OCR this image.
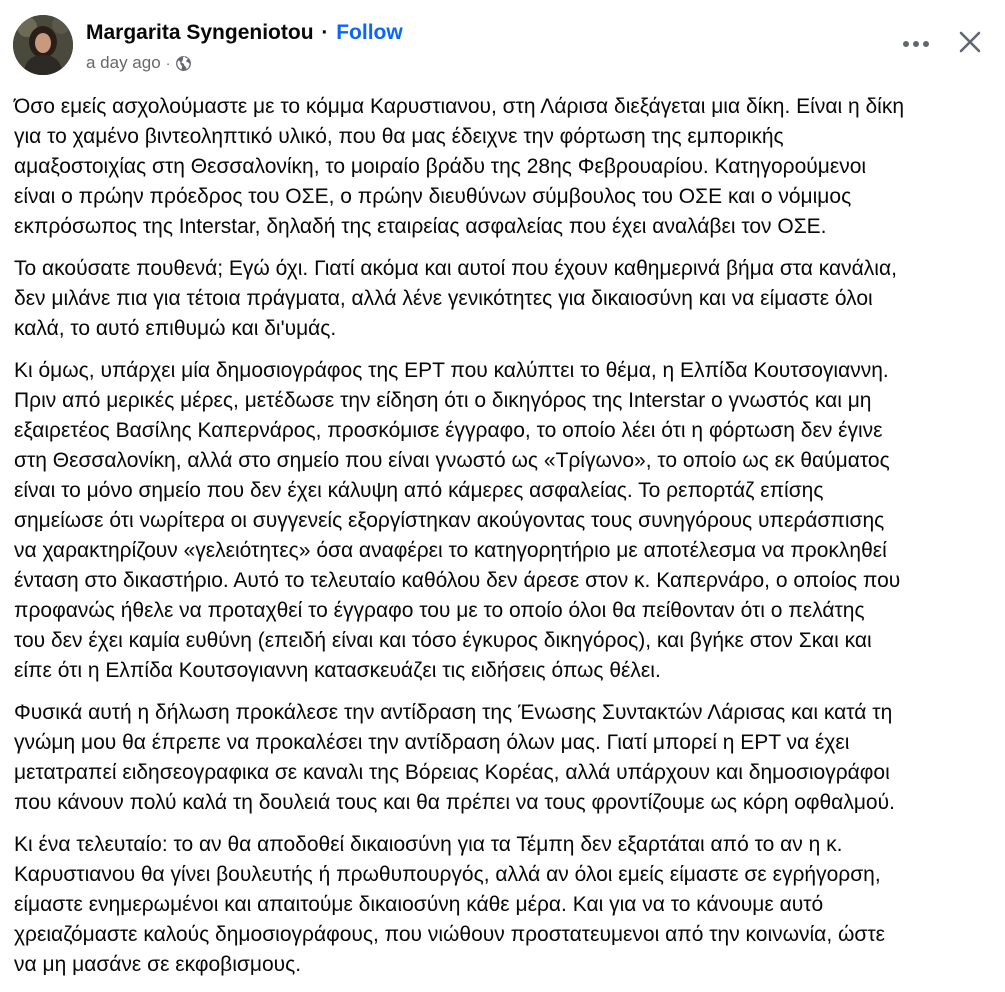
Margarita Syngeniotou · Follow
a day ago ·

Όσο εμείς ασχολούμαστε με το κόμμα Καρυστιανου, στη Λάρισα διεξάγεται μια δίκη. Είναι η δίκη
για το χαμένο βιντεοληπτικό υλικό, που θα μας έδειχνε την φόρτωση της εμπορικής
αμαξοστοιχίας στη Θεσσαλονίκη, το μοιραίο βράδυ της 28ης Φεβρουαρίου. Κατηγορούμενοι
είναι ο πρώην πρόεδρος του ΟΣΕ, ο πρώην διευθύνων σύμβουλος του ΟΣΕ και ο νόμιμος
εκπρόσωπος της Interstar, δηλαδή της εταιρείας ασφαλείας που έχει αναλάβει τον ΟΣΕ.

Το ακούσατε πουθενά; Εγώ όχι. Γιατί ακόμα και αυτοί που έχουν καθημερινά βήμα στα κανάλια,
δεν μιλάνε πια για τέτοια πράγματα, αλλά λένε γενικότητες για δικαιοσύνη και να είμαστε όλοι
καλά, το αυτό επιθυμώ και δι'υμάς.

Κι όμως, υπάρχει μία δημοσιογράφος της ΕΡΤ που καλύπτει το θέμα, η Ελπίδα Κουτσογιαννη.
Πριν από μερικές μέρες, μετέδωσε την είδηση ότι ο δικηγόρος της Interstar ο γνωστός και μη
εξαιρετέος Βασίλης Καπερνάρος, προσκόμισε έγγραφο, το οποίο λέει ότι η φόρτωση δεν έγινε
στη Θεσσαλονίκη, αλλά στο σημείο που είναι γνωστό ως «Τρίγωνο», το οποίο ως εκ θαύματος
είναι το μόνο σημείο που δεν έχει κάλυψη από κάμερες ασφαλείας. Το ρεπορτάζ επίσης
σημείωσε ότι νωρίτερα οι συγγενείς εξοργίστηκαν ακούγοντας τους συνηγόρους υπεράσπισης
να χαρακτηρίζουν «γελειότητες» όσα αναφέρει το κατηγορητήριο με αποτέλεσμα να προκληθεί
ένταση στο δικαστήριο. Αυτό το τελευταίο καθόλου δεν άρεσε στον κ. Καπερνάρο, ο οποίος που
προφανώς ήθελε να προταχθεί το έγγραφο του με το οποίο όλοι θα πείθονταν ότι ο πελάτης
του δεν έχει καμία ευθύνη (επειδή είναι και τόσο έγκυρος δικηγόρος), και βγήκε στον Σκαι και
είπε ότι η Ελπίδα Κουτσογιαννη κατασκευάζει τις ειδήσεις όπως θέλει.

Φυσικά αυτή η δήλωση προκάλεσε την αντίδραση της Ένωσης Συντακτών Λάρισας και κατά τη
γνώμη μου θα έπρεπε να προκαλέσει την αντίδραση όλων μας. Γιατί μπορεί η ΕΡΤ να έχει
μετατραπεί ειδησεογραφικα σε καναλι της Βόρειας Κορέας, αλλά υπάρχουν και δημοσιογράφοι
που κάνουν πολύ καλά τη δουλειά τους και θα πρέπει να τους φροντίζουμε ως κόρη οφθαλμού.

Κι ένα τελευταίο: το αν θα αποδοθεί δικαιοσύνη για τα Τέμπη δεν εξαρτάται από το αν η κ.
Καρυστιανου θα γίνει βουλευτής ή πρωθυπουργός, αλλά αν όλοι εμείς είμαστε σε εγρήγορση,
είμαστε ενημερωμένοι και απαιτούμε δικαιοσύνη κάθε μέρα. Και για να το κάνουμε αυτό
χρειαζόμαστε καλούς δημοσιογράφους, που νιώθουν προστατευμενοι από την κοινωνία, ώστε
να μη μασάνε σε εκφοβισμους.
